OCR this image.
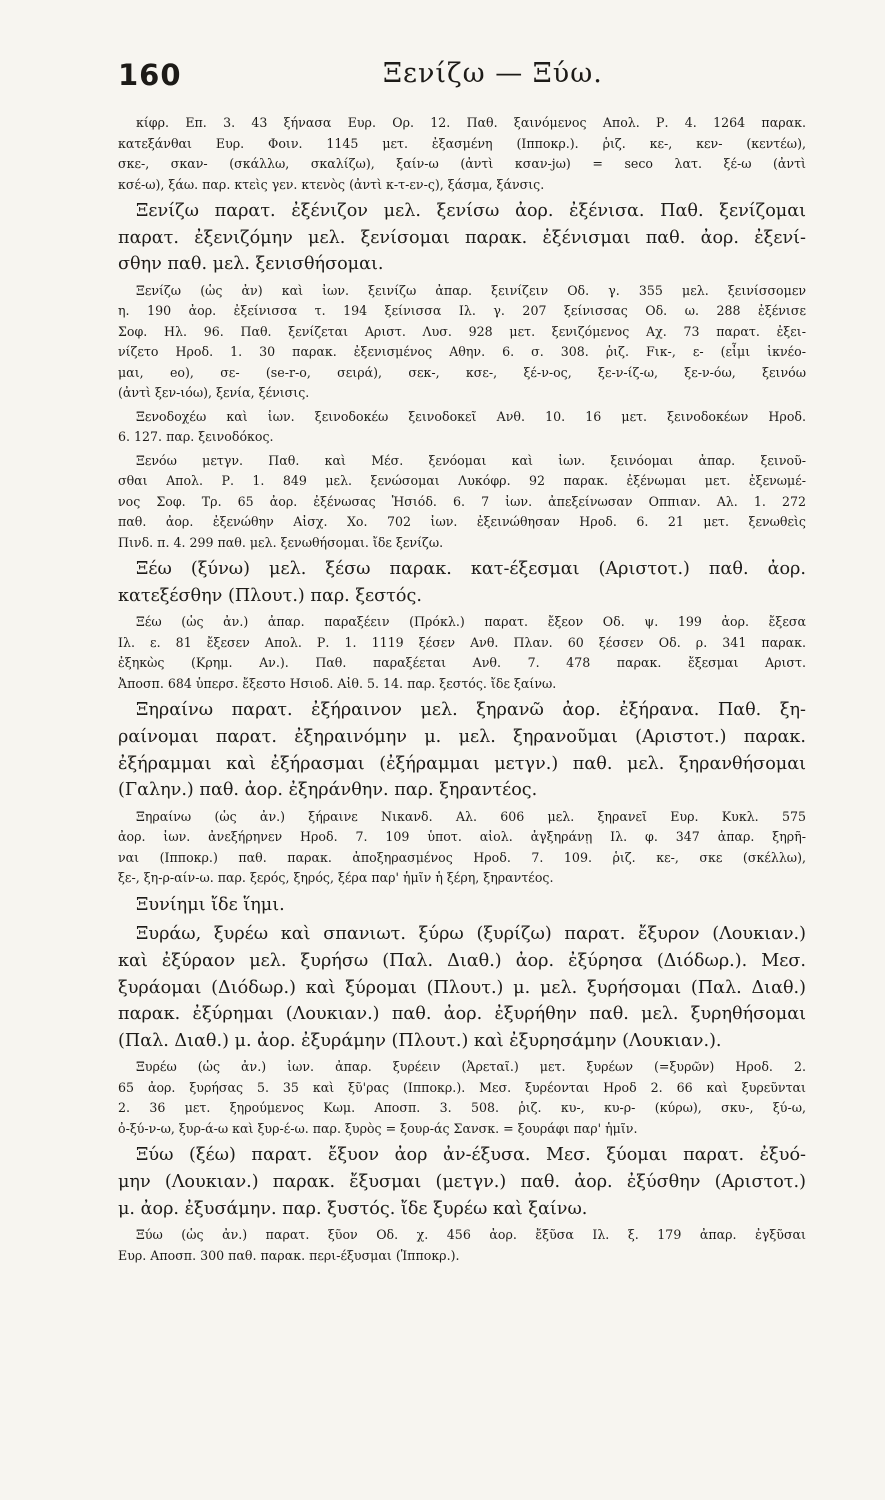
160	Ξενίζω — Ξύω.
κίφρ. Επ. 3. 43 ξήνασα Ευρ. Ορ. 12. Παθ. ξαινόμενος Απολ. Ρ. 4. 1264 παρακ.
κατεξάνθαι Ευρ. Φοιν. 1145 μετ. ἐξασμένη (Ιπποκρ.). ῥιζ. κε-, κεν- (κεντέω),
σκε-, σκαν- (σκάλλω, σκαλίζω), ξαίν-ω (ἀντὶ κσαν-jω) = seco λατ. ξέ-ω (ἀντὶ
κσέ-ω), ξάω. παρ. κτεὶς γεν. κτενὸς (ἀντὶ κ-τ-εν-ς), ξάσμα, ξάνσις.
Ξενίζω παρατ. ἐξένιζον μελ. ξενίσω ἀορ. ἐξένισα. Παθ. ξενίζομαι
παρατ. ἐξενιζόμην μελ. ξενίσομαι παρακ. ἐξένισμαι παθ. ἀορ. ἐξενί-
σθην παθ. μελ. ξενισθήσομαι.
Ξενίζω (ὡς ἀν) καὶ ἰων. ξεινίζω ἀπαρ. ξεινίζειν Οδ. γ. 355 μελ. ξεινίσσομεν
η. 190 ἀορ. ἐξείνισσα τ. 194 ξείνισσα Ιλ. γ. 207 ξείνισσας Οδ. ω. 288 ἐξένισε
Σοφ. Ηλ. 96. Παθ. ξενίζεται Αριστ. Λυσ. 928 μετ. ξενιζόμενος Αχ. 73 παρατ. ἐξει-
νίζετο Ηροδ. 1. 30 παρακ. ἐξενισμένος Αθην. 6. σ. 308. ῥιζ. Fικ-, ε- (εἶμι ἱκνέο-
μαι, eo), σε- (se-r-o, σειρά), σεκ-, κσε-, ξέ-ν-ος, ξε-ν-ίζ-ω, ξε-ν-όω, ξεινόω
(ἀντὶ ξεν-ιόω), ξενία, ξένισις.
Ξενοδοχέω καὶ ἰων. ξεινοδοκέω ξεινοδοκεῖ Ανθ. 10. 16 μετ. ξεινοδοκέων Ηροδ.
6. 127. παρ. ξεινοδόκος.
Ξενόω μετγν. Παθ. καὶ Μέσ. ξενόομαι καὶ ἰων. ξεινόομαι ἀπαρ. ξεινοῦ-
σθαι Απολ. Ρ. 1. 849 μελ. ξενώσομαι Λυκόφρ. 92 παρακ. ἐξένωμαι μετ. ἐξενωμέ-
νος Σοφ. Τρ. 65 ἀορ. ἐξένωσας Ἡσιόδ. 6. 7 ἰων. ἀπεξείνωσαν Οππιαν. Αλ. 1. 272
παθ. ἀορ. ἐξενώθην Αἰσχ. Χο. 702 ἰων. ἐξεινώθησαν Ηροδ. 6. 21 μετ. ξενωθεὶς
Πινδ. π. 4. 299 παθ. μελ. ξενωθήσομαι. ἴδε ξενίζω.
Ξέω (ξύνω) μελ. ξέσω παρακ. κατ-έξεσμαι (Αριστοτ.) παθ. ἀορ.
κατεξέσθην (Πλουτ.) παρ. ξεστός.
Ξέω (ὡς ἀν.) ἀπαρ. παραξέειν (Πρόκλ.) παρατ. ἔξεον Οδ. ψ. 199 ἀορ. ἔξεσα
Ιλ. ε. 81 ἔξεσεν Απολ. Ρ. 1. 1119 ξέσεν Ανθ. Πλαν. 60 ξέσσεν Οδ. ρ. 341 παρακ.
ἐξηκὼς (Κρημ. Αν.). Παθ. παραξέεται Ανθ. 7. 478 παρακ. ἔξεσμαι Αριστ.
Ἀποσπ. 684 ὑπερσ. ἔξεστο Ησιοδ. Αἰθ. 5. 14. παρ. ξεστός. ἴδε ξαίνω.
Ξηραίνω παρατ. ἐξήραινον μελ. ξηρανῶ ἀορ. ἐξήρανα. Παθ. ξη-
ραίνομαι παρατ. ἐξηραινόμην μ. μελ. ξηρανοῦμαι (Αριστοτ.) παρακ.
ἐξήραμμαι καὶ ἐξήρασμαι (ἐξήραμμαι μετγν.) παθ. μελ. ξηρανθήσομαι
(Γαλην.) παθ. ἀορ. ἐξηράνθην. παρ. ξηραντέος.
Ξηραίνω (ὡς ἀν.) ξήραινε Νικανδ. Αλ. 606 μελ. ξηρανεῖ Ευρ. Κυκλ. 575
ἀορ. ἰων. ἀνεξήρηνεν Ηροδ. 7. 109 ὑποτ. αἰολ. ἀγξηράνῃ Ιλ. φ. 347 ἀπαρ. ξηρῆ-
ναι (Ιπποκρ.) παθ. παρακ. ἀποξηρασμένος Ηροδ. 7. 109. ῥιζ. κε-, σκε (σκέλλω),
ξε-, ξη-ρ-αίν-ω. παρ. ξερός, ξηρός, ξέρα παρ' ἡμῖν ἡ ξέρη, ξηραντέος.
Ξυνίημι ἴδε ἵημι.
Ξυράω, ξυρέω καὶ σπανιωτ. ξύρω (ξυρίζω) παρατ. ἔξυρον (Λουκιαν.)
καὶ ἐξύραον μελ. ξυρήσω (Παλ. Διαθ.) ἀορ. ἐξύρησα (Διόδωρ.). Μεσ.
ξυράομαι (Διόδωρ.) καὶ ξύρομαι (Πλουτ.) μ. μελ. ξυρήσομαι (Παλ. Διαθ.)
παρακ. ἐξύρημαι (Λουκιαν.) παθ. ἀορ. ἐξυρήθην παθ. μελ. ξυρηθήσομαι
(Παλ. Διαθ.) μ. ἀορ. ἐξυράμην (Πλουτ.) καὶ ἐξυρησάμην (Λουκιαν.).
Ξυρέω (ὡς ἀν.) ἰων. ἀπαρ. ξυρέειν (Ἀρεταῖ.) μετ. ξυρέων (=ξυρῶν) Ηροδ. 2.
65 ἀορ. ξυρήσας 5. 35 καὶ ξῦ'ρας (Ιπποκρ.). Μεσ. ξυρέονται Ηροδ 2. 66 καὶ ξυρεῦνται
2. 36 μετ. ξηρούμενος Κωμ. Αποσπ. 3. 508. ῥιζ. κυ-, κυ-ρ- (κύρω), σκυ-, ξύ-ω,
ὀ-ξύ-ν-ω, ξυρ-ά-ω καὶ ξυρ-έ-ω. παρ. ξυρὸς = ξουρ-άς Σανσκ. = ξουράφι παρ' ἡμῖν.
Ξύω (ξέω) παρατ. ἔξυον ἀορ ἀν-έξυσα. Μεσ. ξύομαι παρατ. ἐξυό-
μην (Λουκιαν.) παρακ. ἔξυσμαι (μετγν.) παθ. ἀορ. ἐξύσθην (Αριστοτ.)
μ. ἀορ. ἐξυσάμην. παρ. ξυστός. ἴδε ξυρέω καὶ ξαίνω.
Ξύω (ὡς ἀν.) παρατ. ξῦον Οδ. χ. 456 ἀορ. ἔξῦσα Ιλ. ξ. 179 ἀπαρ. ἐγξῦσαι
Ευρ. Αποσπ. 300 παθ. παρακ. περι-έξυσμαι (Ἱπποκρ.).
